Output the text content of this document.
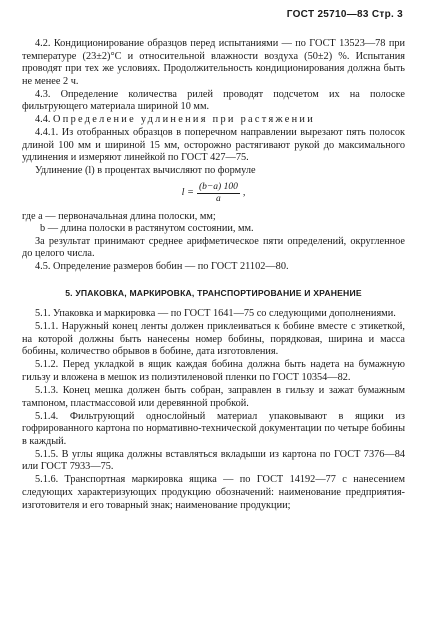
ГОСТ 25710—83 Стр. 3

4.2. Кондиционирование образцов перед испытаниями — по ГОСТ 13523—78 при температуре (23±2)°C и относительной влажности воздуха (50±2) %. Испытания проводят при тех же условиях. Продолжительность кондиционирования должна быть не менее 2 ч.

4.3. Определение количества рилей проводят подсчетом их на полоске фильтрующего материала шириной 10 мм.

4.4. Определение удлинения при растяжении

4.4.1. Из отобранных образцов в поперечном направлении вырезают пять полосок длиной 100 мм и шириной 15 мм, осторожно растягивают рукой до максимального удлинения и измеряют линейкой по ГОСТ 427—75.

Удлинение (l) в процентах вычисляют по формуле

$l = \frac{(b-a) 100}{a}$ ,

где a — первоначальная длина полоски, мм;

b — длина полоски в растянутом состоянии, мм.

За результат принимают среднее арифметическое пяти определений, округленное до целого числа.

4.5. Определение размеров бобин — по ГОСТ 21102—80.

5. УПАКОВКА, МАРКИРОВКА, ТРАНСПОРТИРОВАНИЕ И ХРАНЕНИЕ

5.1. Упаковка и маркировка — по ГОСТ 1641—75 со следующими дополнениями.

5.1.1. Наружный конец ленты должен приклеиваться к бобине вместе с этикеткой, на которой должны быть нанесены номер бобины, порядковая, ширина и масса бобины, количество обрывов в бобине, дата изготовления.

5.1.2. Перед укладкой в ящик каждая бобина должна быть надета на бумажную гильзу и вложена в мешок из полиэтиленовой пленки по ГОСТ 10354—82.

5.1.3. Конец мешка должен быть собран, заправлен в гильзу и зажат бумажным тампоном, пластмассовой или деревянной пробкой.

5.1.4. Фильтрующий однослойный материал упаковывают в ящики из гофрированного картона по нормативно-технической документации по четыре бобины в каждый.

5.1.5. В углы ящика должны вставляться вкладыши из картона по ГОСТ 7376—84 или ГОСТ 7933—75.

5.1.6. Транспортная маркировка ящика — по ГОСТ 14192—77 с нанесением следующих характеризующих продукцию обозначений: наименование предприятия-изготовителя и его товарный знак; наименование продукции;
